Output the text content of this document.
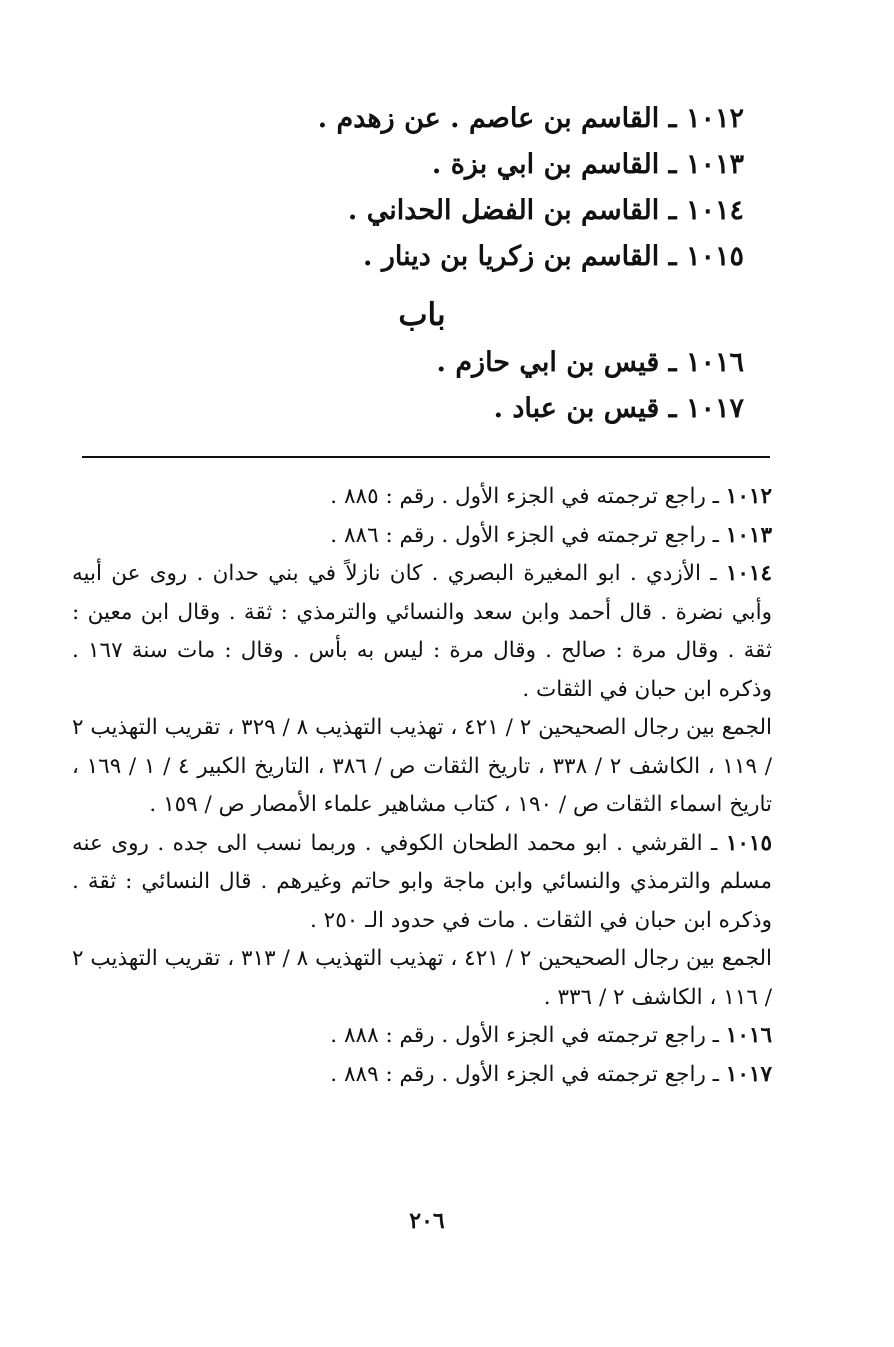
١٠١٢ ـ القاسم بن عاصم . عن زهدم .
١٠١٣ ـ القاسم بن ابي بزة .
١٠١٤ ـ القاسم بن الفضل الحداني .
١٠١٥ ـ القاسم بن زكريا بن دينار .
باب
١٠١٦ ـ قيس بن ابي حازم .
١٠١٧ ـ قيس بن عباد .

١٠١٢ ـ راجع ترجمته في الجزء الأول . رقم : ٨٨٥ .

١٠١٣ ـ راجع ترجمته في الجزء الأول . رقم : ٨٨٦ .

١٠١٤ ـ الأزدي . ابو المغيرة البصري . كان نازلاً في بني حدان . روى عن أبيه وأبي نضرة . قال أحمد وابن سعد والنسائي والترمذي : ثقة . وقال ابن معين : ثقة . وقال مرة : صالح . وقال مرة : ليس به بأس . وقال : مات سنة ١٦٧ . وذكره ابن حبان في الثقات .

الجمع بين رجال الصحيحين ٢ / ٤٢١ ، تهذيب التهذيب ٨ / ٣٢٩ ، تقريب التهذيب ٢ / ١١٩ ، الكاشف ٢ / ٣٣٨ ، تاريخ الثقات ص / ٣٨٦ ، التاريخ الكبير ٤ / ١ / ١٦٩ ، تاريخ اسماء الثقات ص / ١٩٠ ، كتاب مشاهير علماء الأمصار ص / ١٥٩ .

١٠١٥ ـ القرشي . ابو محمد الطحان الكوفي . وربما نسب الى جده . روى عنه مسلم والترمذي والنسائي وابن ماجة وابو حاتم وغيرهم . قال النسائي : ثقة . وذكره ابن حبان في الثقات . مات في حدود الـ ٢٥٠ .

الجمع بين رجال الصحيحين ٢ / ٤٢١ ، تهذيب التهذيب ٨ / ٣١٣ ، تقريب التهذيب ٢ / ١١٦ ، الكاشف ٢ / ٣٣٦ .

١٠١٦ ـ راجع ترجمته في الجزء الأول . رقم : ٨٨٨ .

١٠١٧ ـ راجع ترجمته في الجزء الأول . رقم : ٨٨٩ .

٢٠٦
